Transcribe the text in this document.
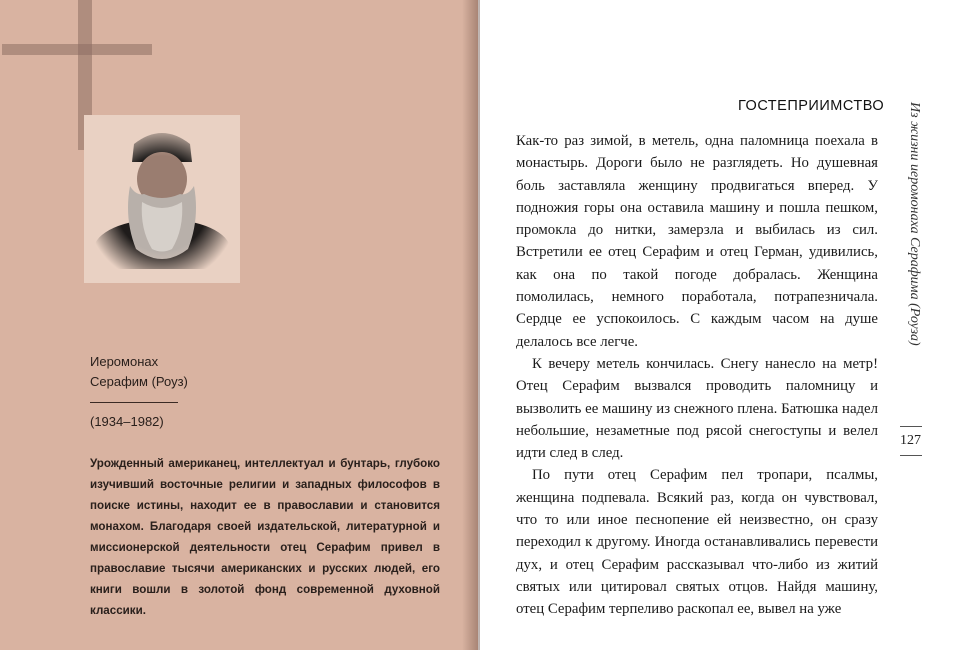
Иеромонах
Серафим (Роуз)
(1934–1982)

Урожденный американец, интеллектуал и бунтарь, глубоко изучивший восточные религии и западных философов в поиске истины, находит ее в православии и становится монахом. Благодаря своей издательской, литературной и миссионерской деятельности отец Серафим привел в православие тысячи американских и русских людей, его книги вошли в золотой фонд современной духовной классики.

ГОСТЕПРИИМСТВО

Как-то раз зимой, в метель, одна паломница поехала в монастырь. Дороги было не разглядеть. Но душевная боль заставляла женщину продвигаться вперед. У подножия горы она оставила машину и пошла пешком, промокла до нитки, замерзла и выбилась из сил. Встретили ее отец Серафим и отец Герман, удивились, как она по такой погоде добралась. Женщина помолилась, немного поработала, потрапезничала. Сердце ее успокоилось. С каждым часом на душе делалось все легче.

К вечеру метель кончилась. Снегу нанесло на метр! Отец Серафим вызвался проводить паломницу и вызволить ее машину из снежного плена. Батюшка надел небольшие, незаметные под рясой снегоступы и велел идти след в след.

По пути отец Серафим пел тропари, псалмы, женщина подпевала. Всякий раз, когда он чувствовал, что то или иное песнопение ей неизвестно, он сразу переходил к другому. Иногда останавливались перевести дух, и отец Серафим рассказывал что-либо из житий святых или цитировал святых отцов. Найдя машину, отец Серафим терпеливо раскопал ее, вывел на уже

Из жизни иеромонаха Серафима (Роуза)
127
